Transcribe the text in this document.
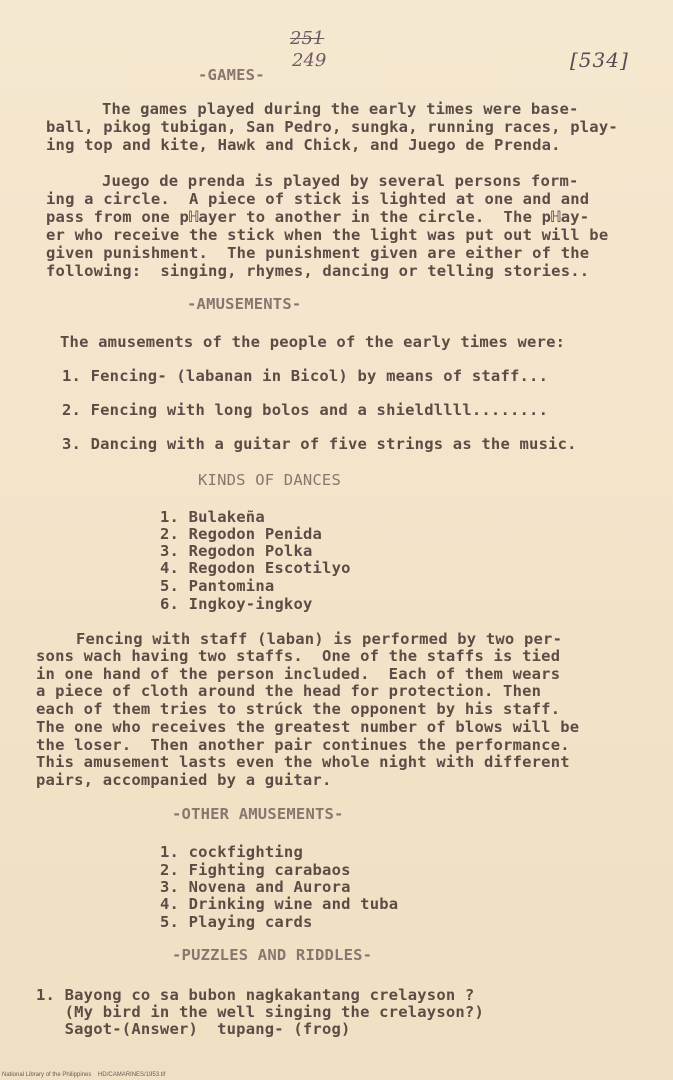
251
249	[534]
-GAMES-
The games played during the early times were base-
ball, pikog tubigan, San Pedro, sungka, running races, play-
ing top and kite, Hawk and Chick, and Juego de Prenda.
Juego de prenda is played by several persons form-
ing a circle.  A piece of stick is lighted at one and and
pass from one pℍayer to another in the circle.  The pℍay-
er who receive the stick when the light was put out will be
given punishment.  The punishment given are either of the
following:  singing, rhymes, dancing or telling stories..
-AMUSEMENTS-
The amusements of the people of the early times were:
1. Fencing- (labanan in Bicol) by means of staff...
2. Fencing with long bolos and a shieldllll........
3. Dancing with a guitar of five strings as the music.
KINDS OF DANCES
1. Bulakeña
2. Regodon Penida
3. Regodon Polka
4. Regodon Escotilyo
5. Pantomina
6. Ingkoy-ingkoy
Fencing with staff (laban) is performed by two per-
sons wach having two staffs.  One of the staffs is tied
in one hand of the person included.  Each of them wears
a piece of cloth around the head for protection. Then
each of them tries to strúck the opponent by his staff.
The one who receives the greatest number of blows will be
the loser.  Then another pair continues the performance.
This amusement lasts even the whole night with different
pairs, accompanied by a guitar.
-OTHER AMUSEMENTS-
1. cockfighting
2. Fighting carabaos
3. Novena and Aurora
4. Drinking wine and tuba
5. Playing cards
-PUZZLES AND RIDDLES-
1. Bayong co sa bubon nagkakantang crelayson ?
(My bird in the well singing the crelayson?)
Sagot-(Answer)  tupang- (frog)
National Library of the Philippines    HD/CAMARINES/1953.tif
